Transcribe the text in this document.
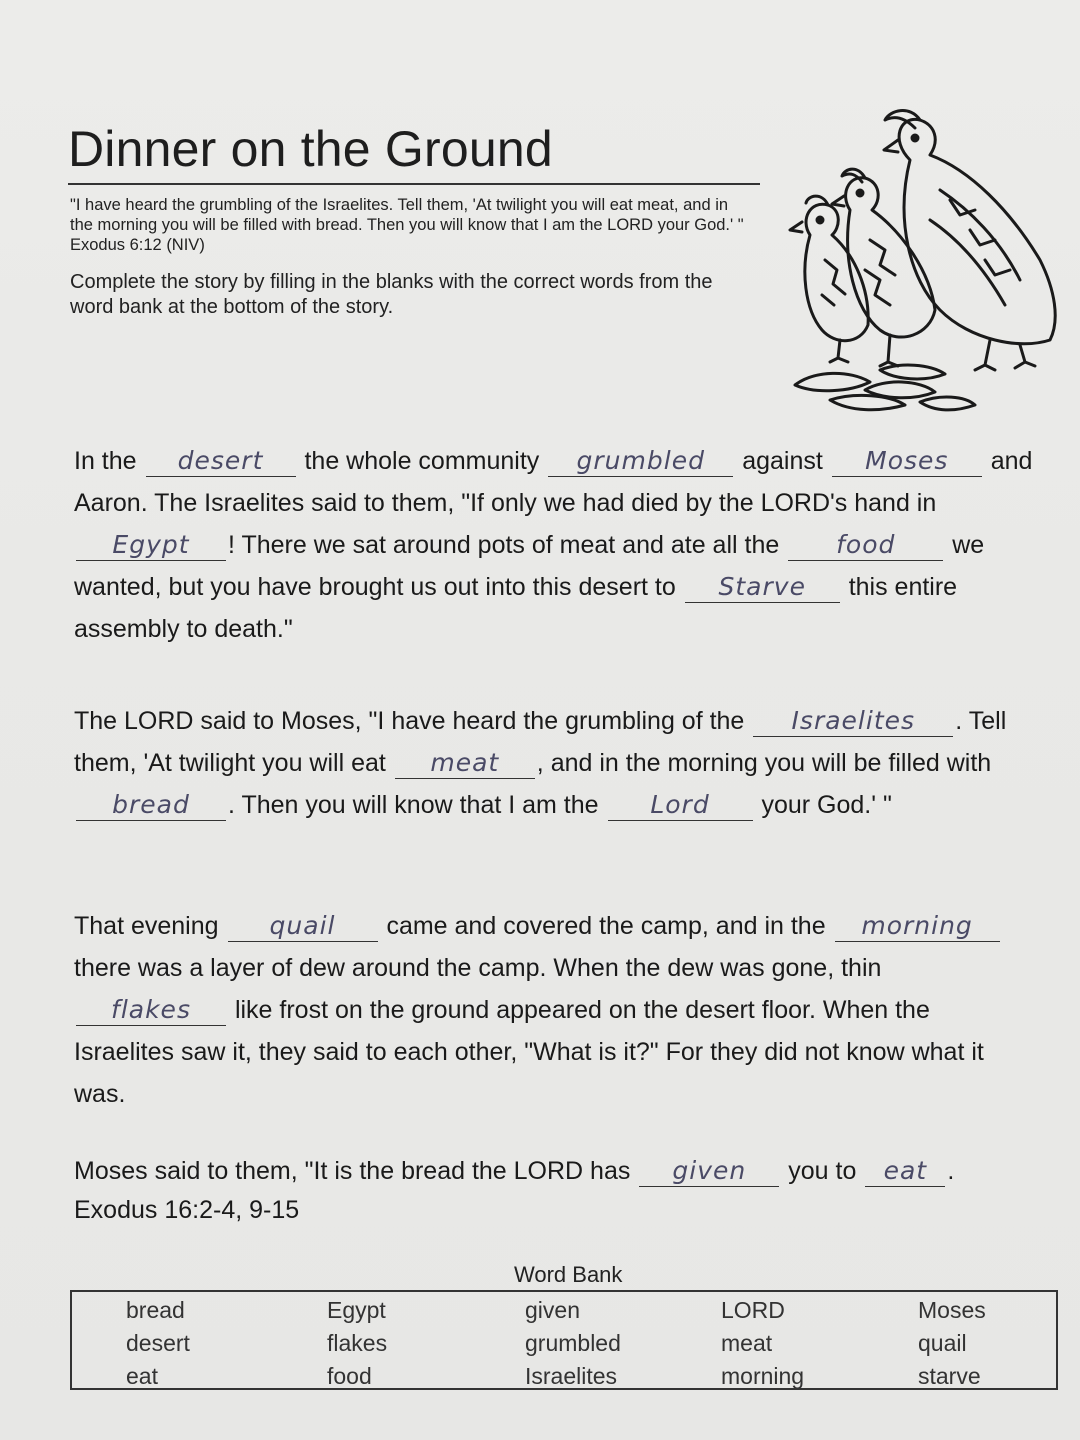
Dinner on the Ground
"I have heard the grumbling of the Israelites. Tell them, 'At twilight you will eat meat, and in the morning you will be filled with bread. Then you will know that I am the LORD your God.' " Exodus 6:12 (NIV)
Complete the story by filling in the blanks with the correct words from the word bank at the bottom of the story.
In the desert the whole community grumbled against Moses and Aaron. The Israelites said to them, "If only we had died by the LORD's hand in Egypt ! There we sat around pots of meat and ate all the food we wanted, but you have brought us out into this desert to Starve this entire assembly to death."
The LORD said to Moses, "I have heard the grumbling of the Israelites . Tell them, 'At twilight you will eat meat , and in the morning you will be filled with bread . Then you will know that I am the Lord your God.' "
That evening quail came and covered the camp, and in the morning there was a layer of dew around the camp. When the dew was gone, thin flakes like frost on the ground appeared on the desert floor. When the Israelites saw it, they said to each other, "What is it?" For they did not know what it was.
Moses said to them, "It is the bread the LORD has given you to eat .
Exodus 16:2-4, 9-15
Word Bank
bread
desert
eat
Egypt
flakes
food
given
grumbled
Israelites
LORD
meat
morning
Moses
quail
starve
